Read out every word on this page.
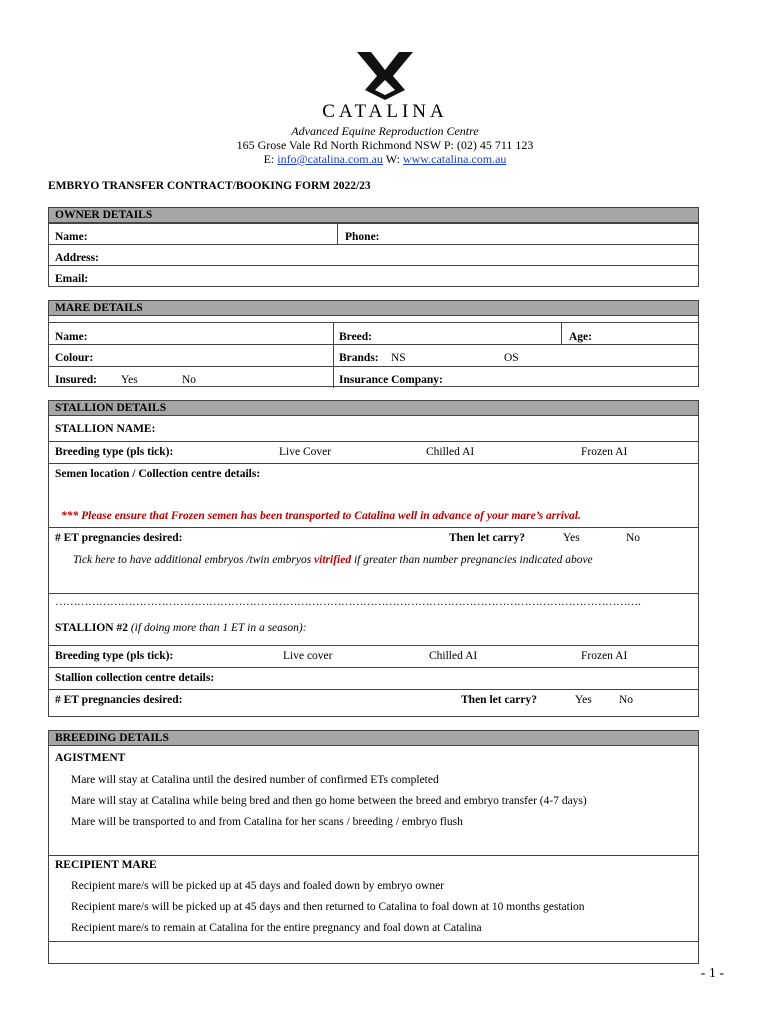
CATALINA
Advanced Equine Reproduction Centre
165 Grose Vale Rd North Richmond NSW P: (02) 45 711 123
E: info@catalina.com.au W: www.catalina.com.au
EMBRYO TRANSFER CONTRACT/BOOKING FORM 2022/23
OWNER DETAILS
Name:	Phone:
Address:
Email:
MARE DETAILS
Name:	Breed:	Age:
Colour:	Brands: NS	OS
Insured: Yes	No	Insurance Company:
STALLION DETAILS
STALLION NAME:
Breeding type (pls tick):	Live Cover	Chilled AI	Frozen AI
Semen location / Collection centre details:
*** Please ensure that Frozen semen has been transported to Catalina well in advance of your mare’s arrival.
# ET pregnancies desired:	Then let carry?	Yes	No
Tick here to have additional embryos /twin embryos vitrified if greater than number pregnancies indicated above
…………………………………………………………………………………………………………………………………………….
STALLION #2 (if doing more than 1 ET in a season):
Breeding type (pls tick):	Live cover	Chilled AI	Frozen AI
Stallion collection centre details:
# ET pregnancies desired:	Then let carry?	Yes No
BREEDING DETAILS
AGISTMENT
Mare will stay at Catalina until the desired number of confirmed ETs completed
Mare will stay at Catalina while being bred and then go home between the breed and embryo transfer (4-7 days)
Mare will be transported to and from Catalina for her scans / breeding / embryo flush
RECIPIENT MARE
Recipient mare/s will be picked up at 45 days and foaled down by embryo owner
Recipient mare/s will be picked up at 45 days and then returned to Catalina to foal down at 10 months gestation
Recipient mare/s to remain at Catalina for the entire pregnancy and foal down at Catalina
- 1 -
